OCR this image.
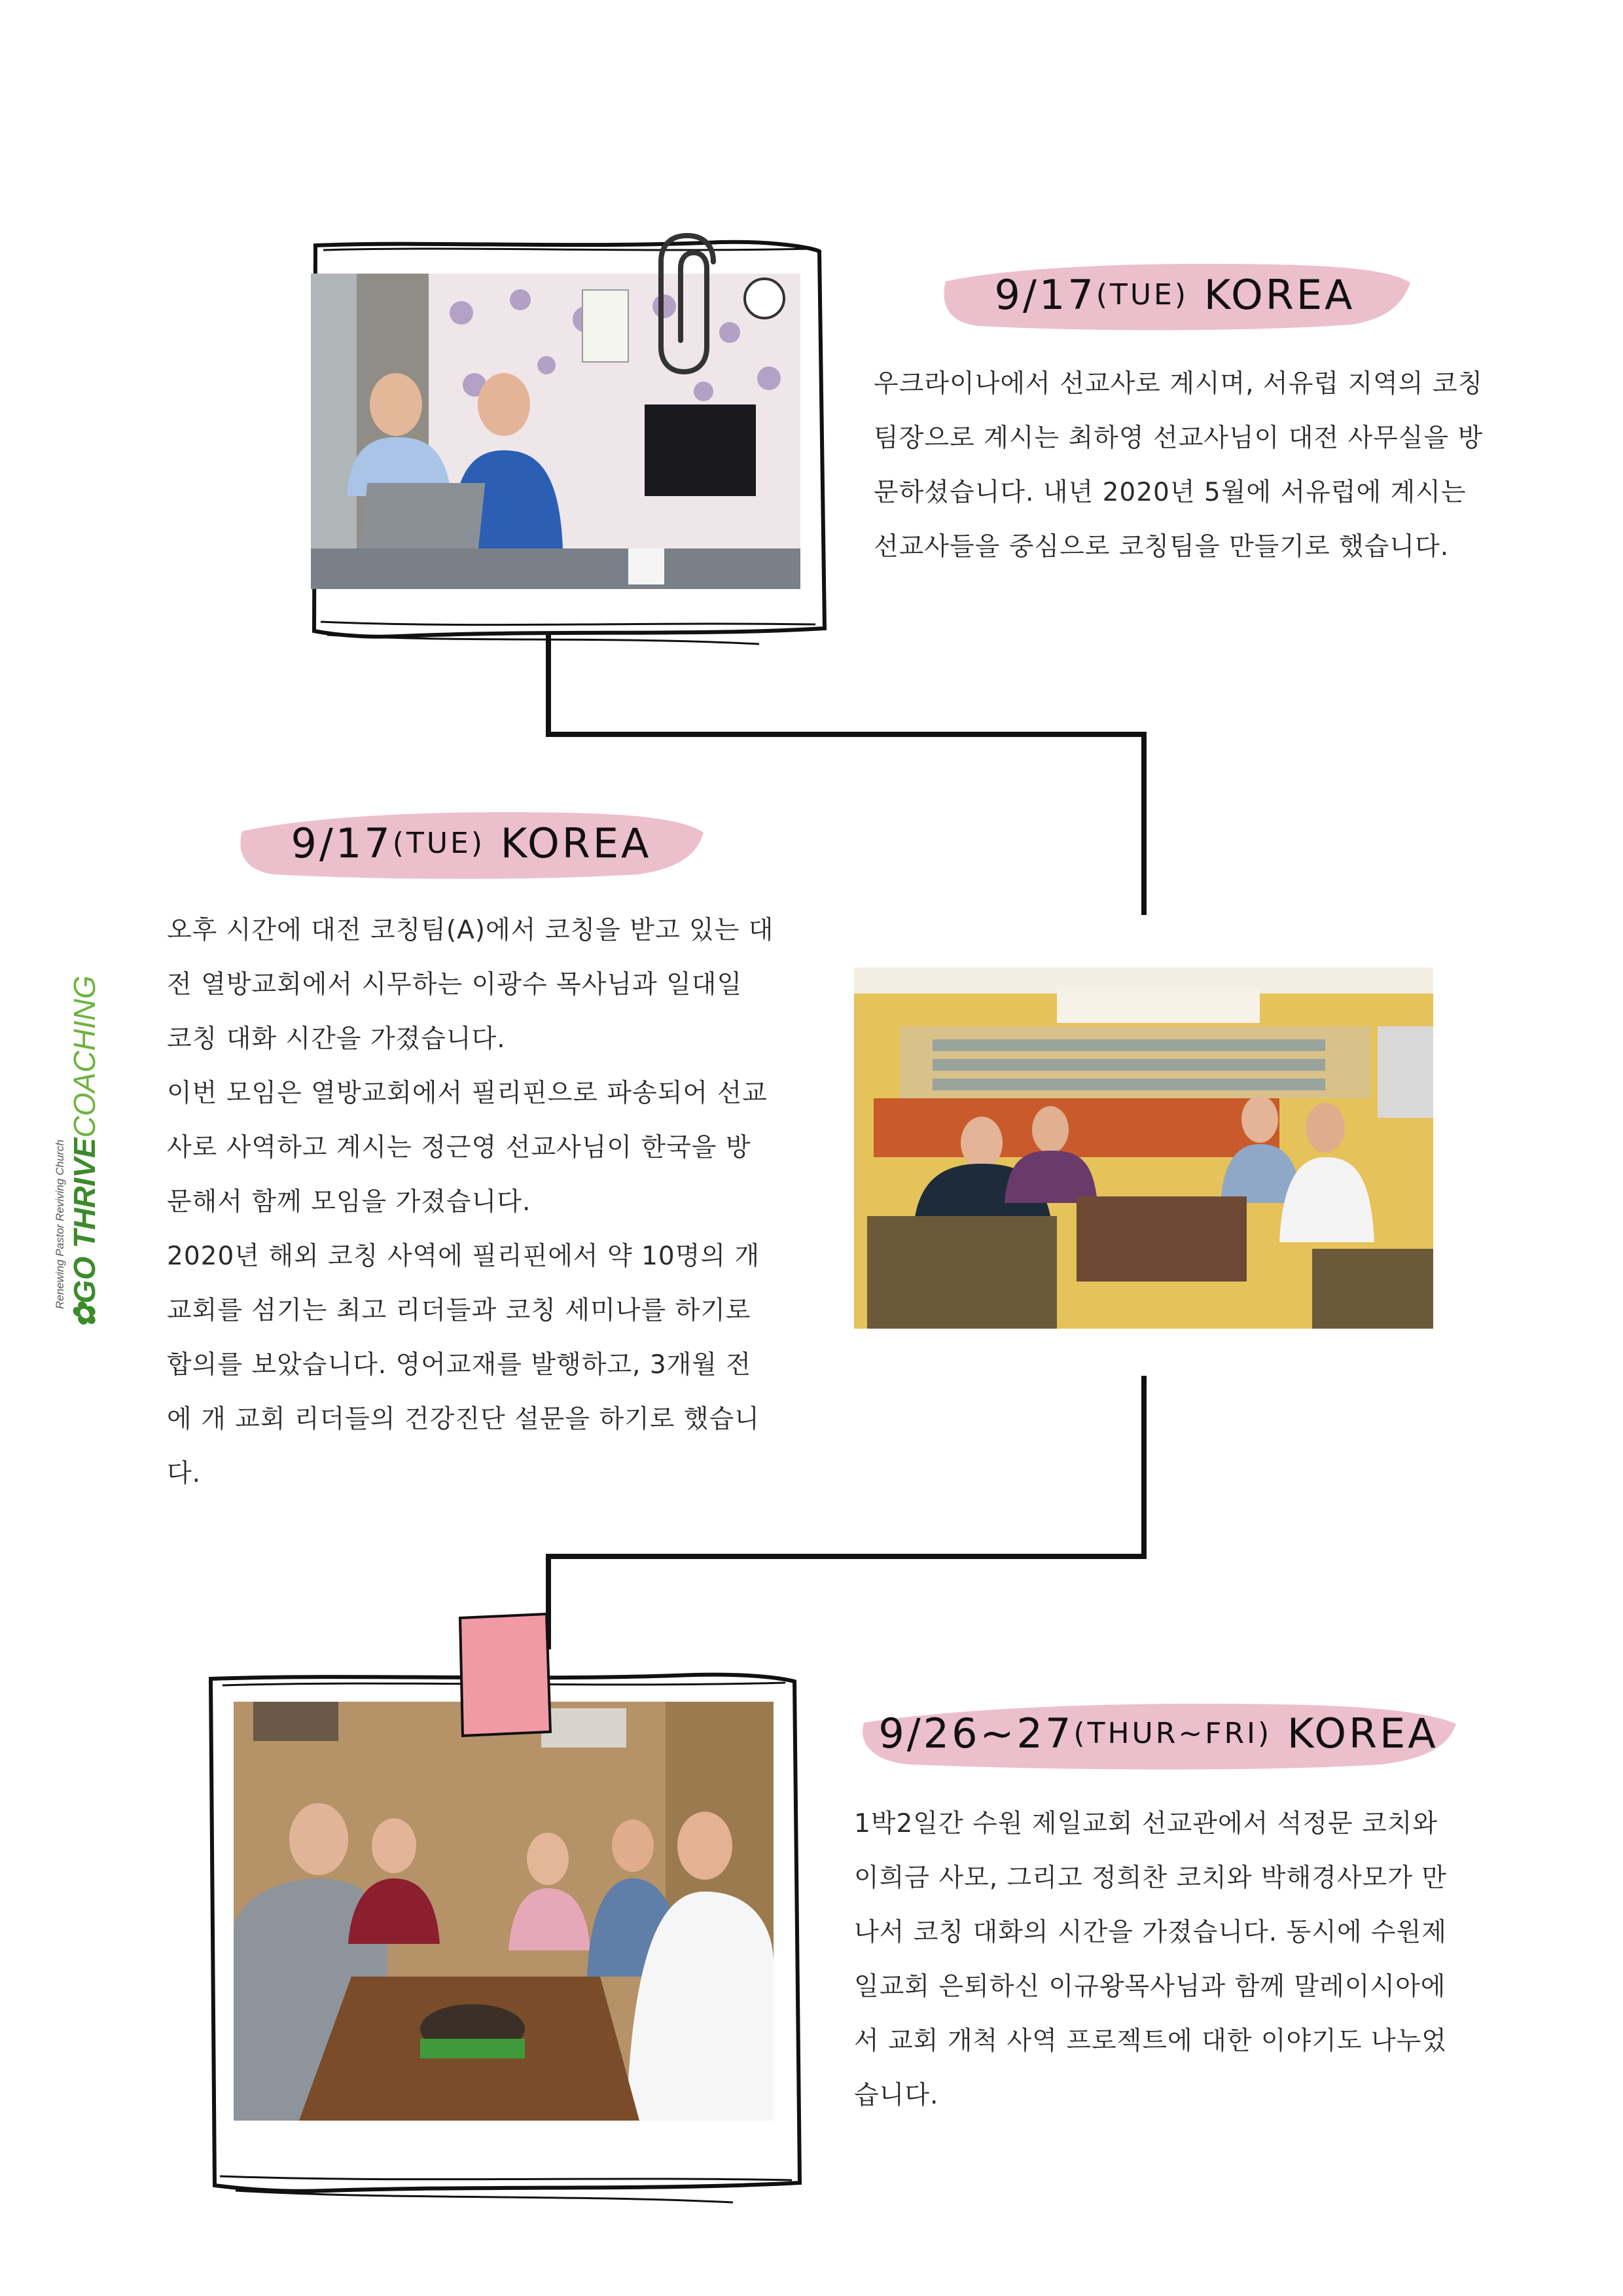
9/17 (TUE)
KOREA

우크라이나에서 선교사로 계시며, 서유럽 지역의 코칭팀장으로 계시는 최하영 선교사님이 대전 사무실을 방문하셨습니다. 내년 2020년 5월에 서유럽에 계시는 선교사들을 중심으로 코칭팀을 만들기로 했습니다.

9/17 (TUE)
KOREA

오후 시간에 대전 코칭팀(A)에서 코칭을 받고 있는 대전 열방교회에서 시무하는 이광수 목사님과 일대일 코칭 대화 시간을 가졌습니다.

이번 모임은 열방교회에서 필리핀으로 파송되어 선교사로 사역하고 계시는 정근영 선교사님이 한국을 방문해서 함께 모임을 가졌습니다.

2020년 해외 코칭 사역에 필리핀에서 약 10명의 개 교회를 섬기는 최고 리더들과 코칭 세미나를 하기로 합의를 보았습니다. 영어교재를 발행하고, 3개월 전에 개 교회 리더들의 건강진단 설문을 하기로 했습니다.

Renewing Pastor Reviving Church
✿GO THRIVECOACHING
9/26~27 (THUR~FRI)
KOREA

1박2일간 수원 제일교회 선교관에서 석정문 코치와 이희금 사모, 그리고 정희찬 코치와 박해경사모가 만나서 코칭 대화의 시간을 가졌습니다. 동시에 수원제일교회 은퇴하신 이규왕목사님과 함께 말레이시아에서 교회 개척 사역 프로젝트에 대한 이야기도 나누었습니다.
